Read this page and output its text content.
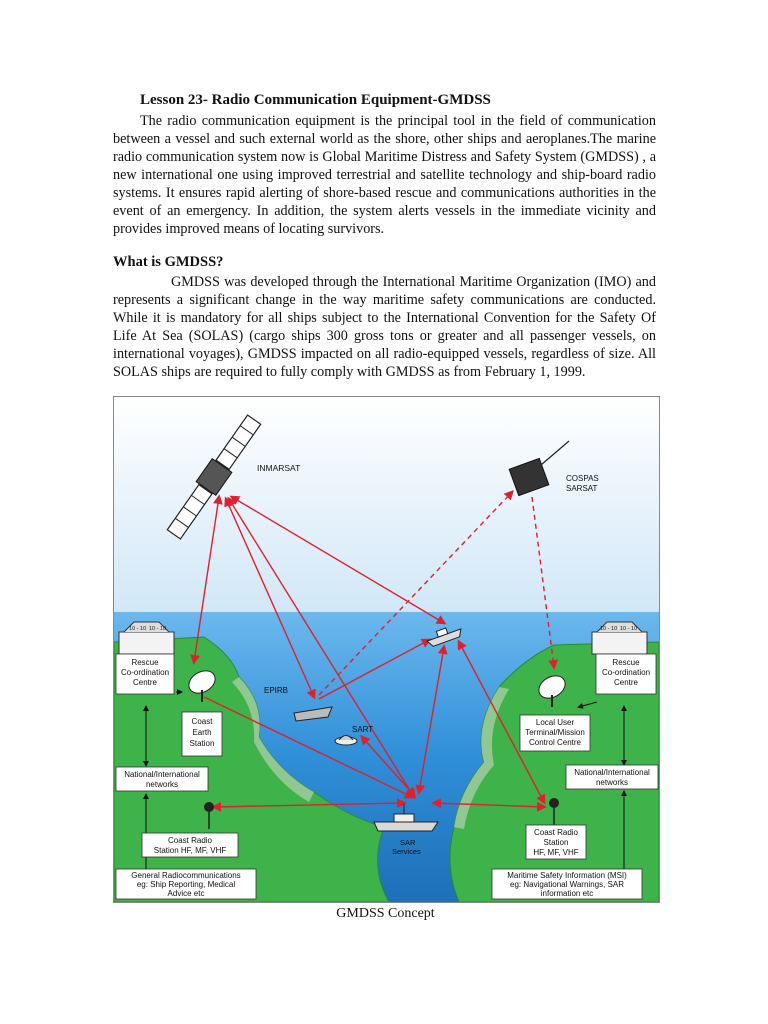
Lesson 23- Radio Communication Equipment-GMDSS

The radio communication equipment is the principal tool in the field of communication between a vessel and such external world as the shore, other ships and aeroplanes.The marine radio communication system now is Global Maritime Distress and Safety System (GMDSS) , a new international one using improved terrestrial and satellite technology and ship-board radio systems. It ensures rapid alerting of shore-based rescue and communications authorities in the event of an emergency. In addition, the system alerts vessels in the immediate vicinity and provides improved means of locating survivors.

What is GMDSS?

GMDSS was developed through the International Maritime Organization (IMO) and represents a significant change in the way maritime safety communications are conducted. While it is mandatory for all ships subject to the International Convention for the Safety Of Life At Sea (SOLAS) (cargo ships 300 gross tons or greater and all passenger vessels, on international voyages), GMDSS impacted on all radio-equipped vessels, regardless of size. All SOLAS ships are required to fully comply with GMDSS as from February 1, 1999.

INMARSAT
COSPAS
SARSAT
EPIRB
SART
SAR
Services
10 - 10 10 - 10	10 - 10 10 - 10
Rescue
Co-ordination
Centre
Coast
Earth
Station
National/International
networks
Coast Radio
Station HF, MF, VHF
General Radiocommunications
eg: Ship Reporting, Medical
Advice etc
Rescue
Co-ordination
Centre
Local User
Terminal/Mission
Control Centre
National/International
networks
Coast Radio
Station
HF, MF, VHF
Maritime Safety Information (MSI)
eg: Navigational Warnings, SAR
information etc
GMDSS Concept
